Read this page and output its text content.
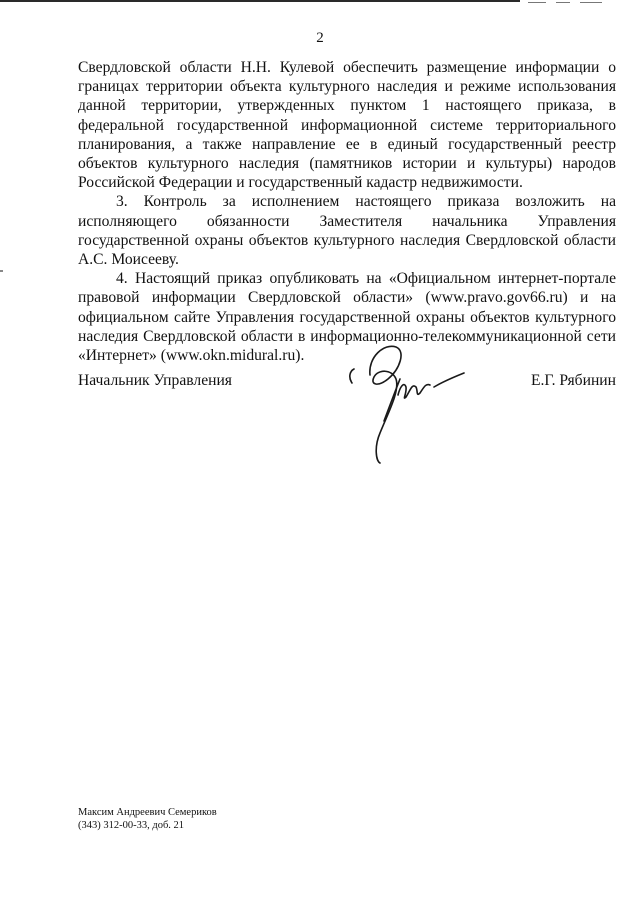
2

Свердловской области Н.Н. Кулевой обеспечить размещение информации о границах территории объекта культурного наследия и режиме использования данной территории, утвержденных пунктом 1 настоящего приказа, в федеральной государственной информационной системе территориального планирования, а также направление ее в единый государственный реестр объектов культурного наследия (памятников истории и культуры) народов Российской Федерации и государственный кадастр недвижимости.

3. Контроль за исполнением настоящего приказа возложить на исполняющего обязанности Заместителя начальника Управления государственной охраны объектов культурного наследия Свердловской области А.С. Моисееву.

4. Настоящий приказ опубликовать на «Официальном интернет-портале правовой информации Свердловской области» (www.pravo.gov66.ru) и на официальном сайте Управления государственной охраны объектов культурного наследия Свердловской области в информационно-телекоммуникационной сети «Интернет» (www.okn.midural.ru).

Начальник Управления	Е.Г. Рябинин
Максим Андреевич Семериков
(343) 312-00-33, доб. 21
